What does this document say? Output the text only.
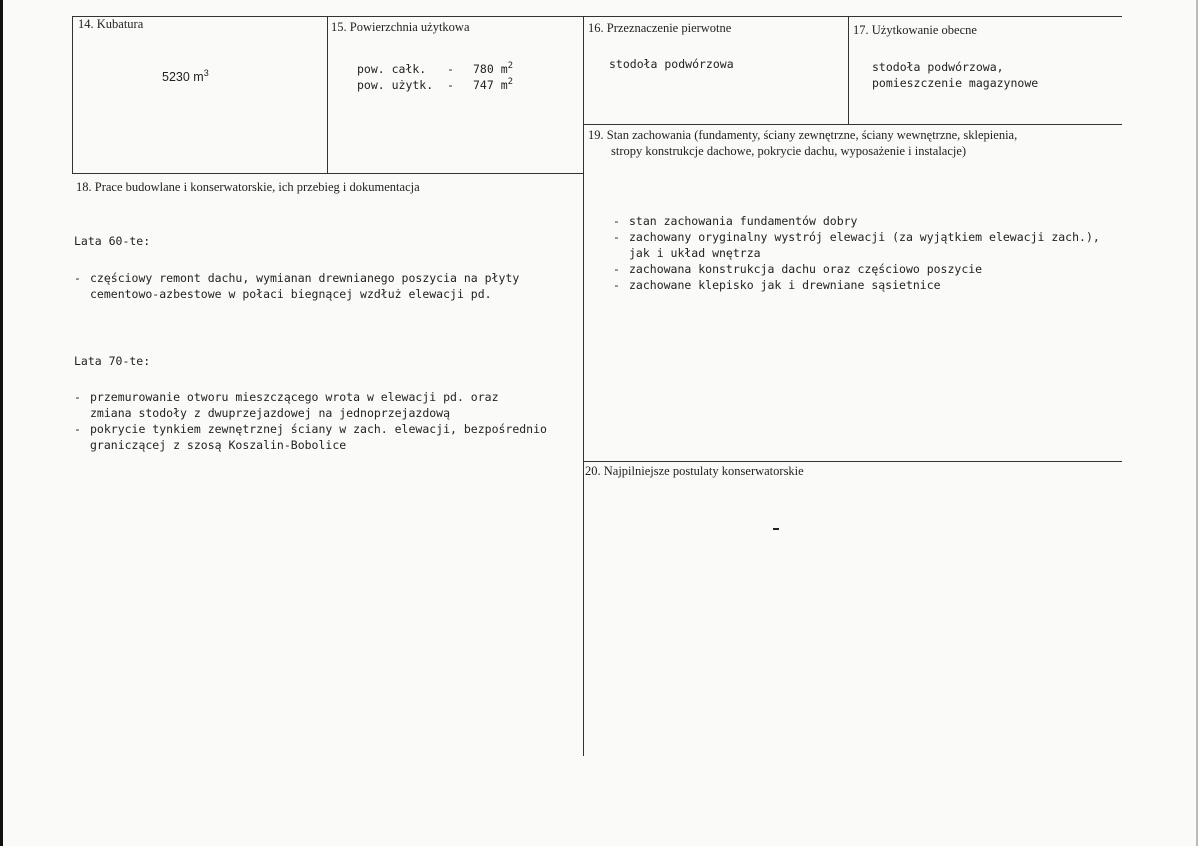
14. Kubatura
5230 $m^3$
15. Powierzchnia użytkowa
pow. całk. - 780 $m^2$
pow. użytk. - 747 $m^2$
16. Przeznaczenie pierwotne
stodoła podwórzowa
17. Użytkowanie obecne
stodoła podwórzowa,
pomieszczenie magazynowe
18. Prace budowlane i konserwatorskie, ich przebieg i dokumentacja
Lata 60-te:
- częściowy remont dachu, wymianan drewnianego poszycia na płyty
cementowo-azbestowe w połaci biegnącej wzdłuż elewacji pd.
Lata 70-te:
- przemurowanie otworu mieszczącego wrota w elewacji pd. oraz
zmiana stodoły z dwuprzejazdowej na jednoprzejazdową
- pokrycie tynkiem zewnętrznej ściany w zach. elewacji, bezpośrednio
graniczącej z szosą Koszalin-Bobolice
19. Stan zachowania (fundamenty, ściany zewnętrzne, ściany wewnętrzne, sklepienia,
stropy konstrukcje dachowe, pokrycie dachu, wyposażenie i instalacje)
- stan zachowania fundamentów dobry
- zachowany oryginalny wystrój elewacji (za wyjątkiem elewacji zach.),
jak i układ wnętrza
- zachowana konstrukcja dachu oraz częściowo poszycie
- zachowane klepisko jak i drewniane sąsietnice
20. Najpilniejsze postulaty konserwatorskie
